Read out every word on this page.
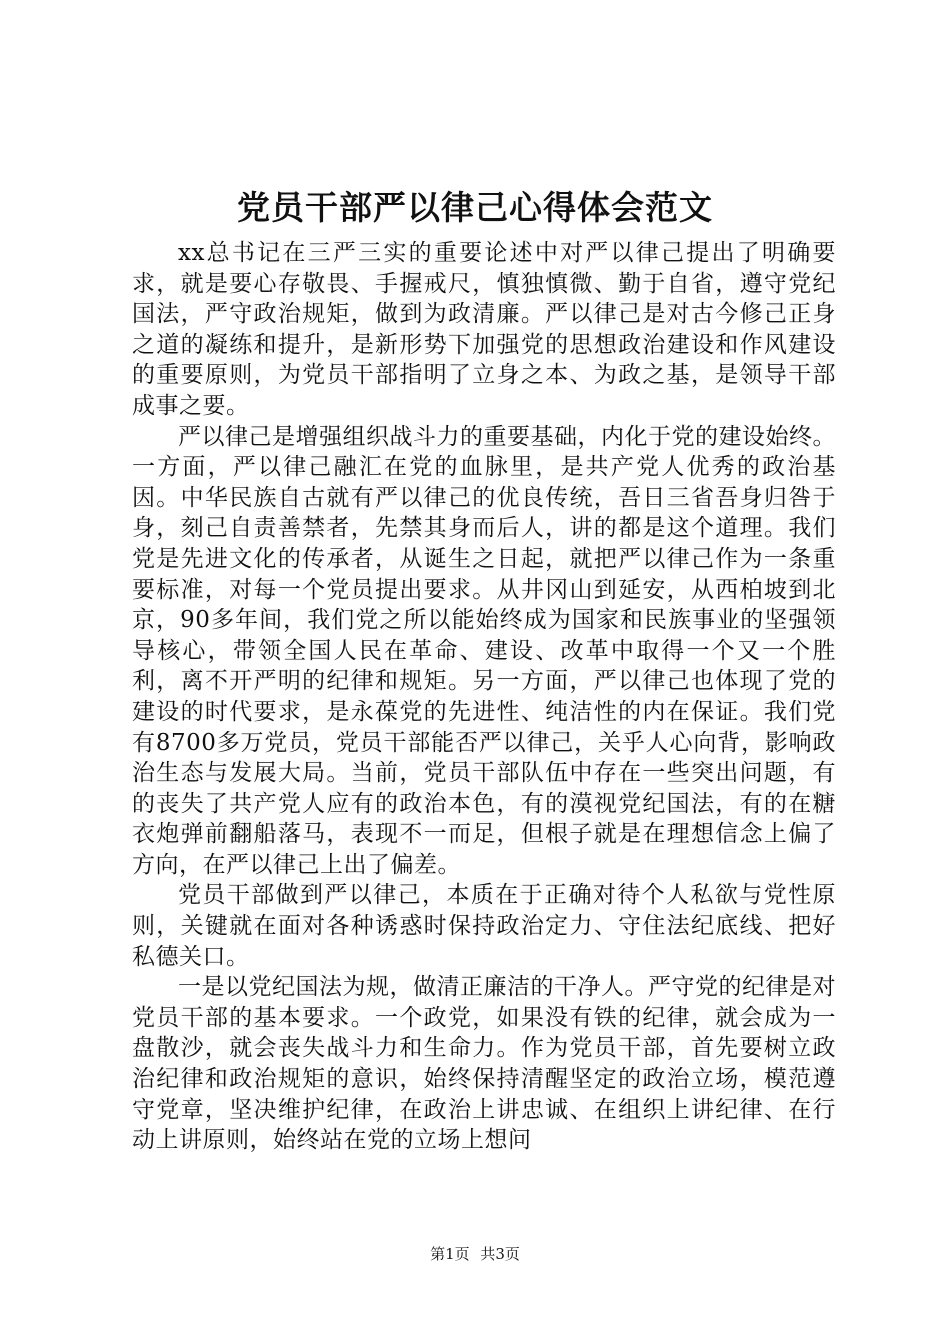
党员干部严以律己心得体会范文

xx总书记在三严三实的重要论述中对严以律己提出了明确要求，就是要心存敬畏、手握戒尺，慎独慎微、勤于自省，遵守党纪国法，严守政治规矩，做到为政清廉。严以律己是对古今修己正身之道的凝练和提升，是新形势下加强党的思想政治建设和作风建设的重要原则，为党员干部指明了立身之本、为政之基，是领导干部成事之要。

严以律己是增强组织战斗力的重要基础，内化于党的建设始终。一方面，严以律己融汇在党的血脉里，是共产党人优秀的政治基因。中华民族自古就有严以律己的优良传统，吾日三省吾身归咎于身，刻己自责善禁者，先禁其身而后人，讲的都是这个道理。我们党是先进文化的传承者，从诞生之日起，就把严以律己作为一条重要标准，对每一个党员提出要求。从井冈山到延安，从西柏坡到北京，90多年间，我们党之所以能始终成为国家和民族事业的坚强领导核心，带领全国人民在革命、建设、改革中取得一个又一个胜利，离不开严明的纪律和规矩。另一方面，严以律己也体现了党的建设的时代要求，是永葆党的先进性、纯洁性的内在保证。我们党有8700多万党员，党员干部能否严以律己，关乎人心向背，影响政治生态与发展大局。当前，党员干部队伍中存在一些突出问题，有的丧失了共产党人应有的政治本色，有的漠视党纪国法，有的在糖衣炮弹前翻船落马，表现不一而足，但根子就是在理想信念上偏了方向，在严以律己上出了偏差。

党员干部做到严以律己，本质在于正确对待个人私欲与党性原则，关键就在面对各种诱惑时保持政治定力、守住法纪底线、把好私德关口。

一是以党纪国法为规，做清正廉洁的干净人。严守党的纪律是对党员干部的基本要求。一个政党，如果没有铁的纪律，就会成为一盘散沙，就会丧失战斗力和生命力。作为党员干部，首先要树立政治纪律和政治规矩的意识，始终保持清醒坚定的政治立场，模范遵守党章，坚决维护纪律，在政治上讲忠诚、在组织上讲纪律、在行动上讲原则，始终站在党的立场上想问

第1页 共3页
